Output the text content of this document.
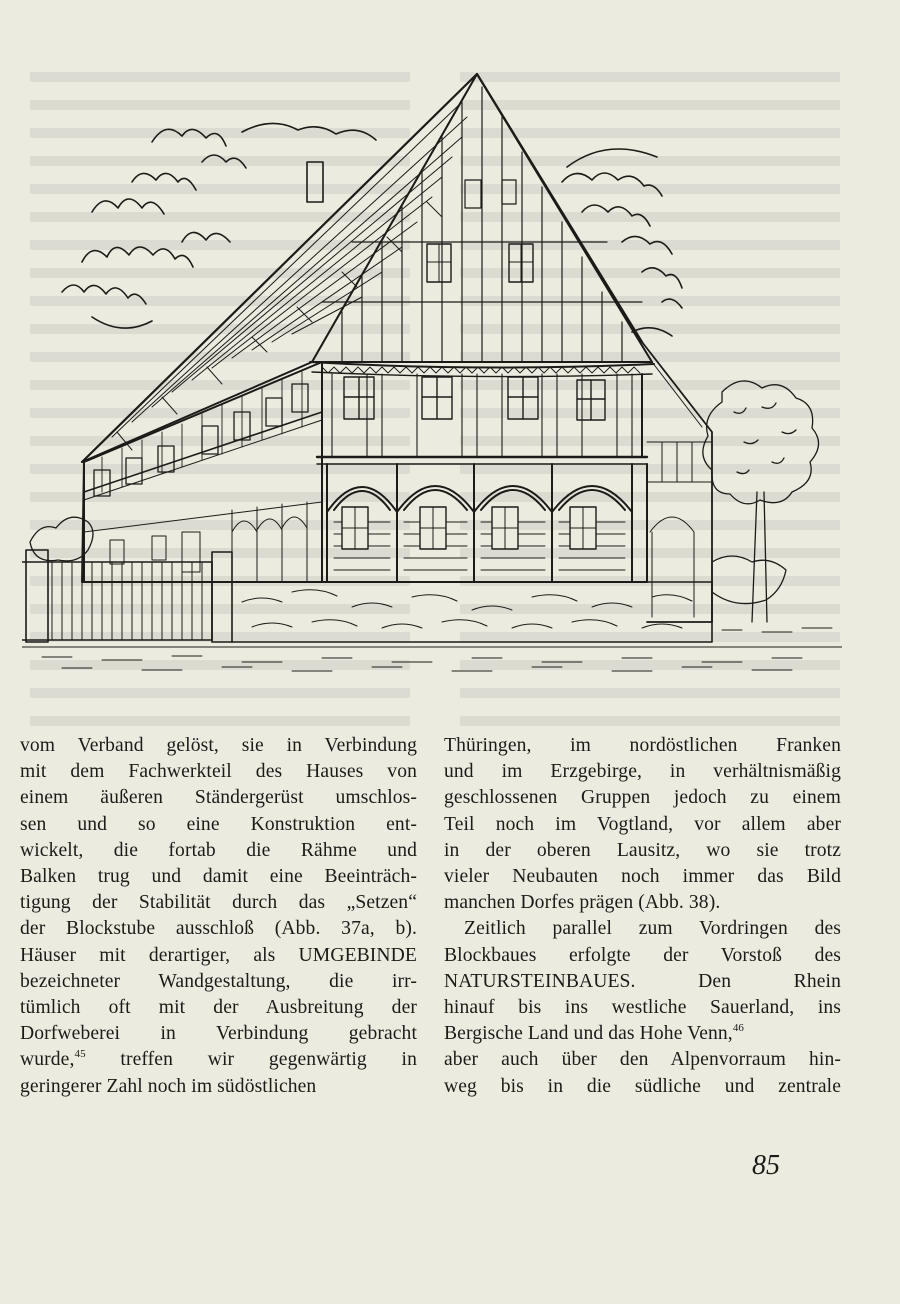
vom Verband gelöst, sie in Verbindung
mit dem Fachwerkteil des Hauses von
einem äußeren Ständergerüst umschlos-
sen und so eine Konstruktion ent-
wickelt, die fortab die Rähme und
Balken trug und damit eine Beeinträch-
tigung der Stabilität durch das „Setzen“
der Blockstube ausschloß (Abb. 37a, b).
Häuser mit derartiger, als UMGEBINDE
bezeichneter Wandgestaltung, die irr-
tümlich oft mit der Ausbreitung der
Dorfweberei in Verbindung gebracht
wurde,$^{45}$ treffen wir gegenwärtig in
geringerer Zahl noch im südöstlichen
Thüringen, im nordöstlichen Franken
und im Erzgebirge, in verhältnismäßig
geschlossenen Gruppen jedoch zu einem
Teil noch im Vogtland, vor allem aber
in der oberen Lausitz, wo sie trotz
vieler Neubauten noch immer das Bild
manchen Dorfes prägen (Abb. 38).
Zeitlich parallel zum Vordringen des
Blockbaues erfolgte der Vorstoß des
NATURSTEINBAUES. Den Rhein
hinauf bis ins westliche Sauerland, ins
Bergische Land und das Hohe Venn,$^{46}$
aber auch über den Alpenvorraum hin-
weg bis in die südliche und zentrale
85
